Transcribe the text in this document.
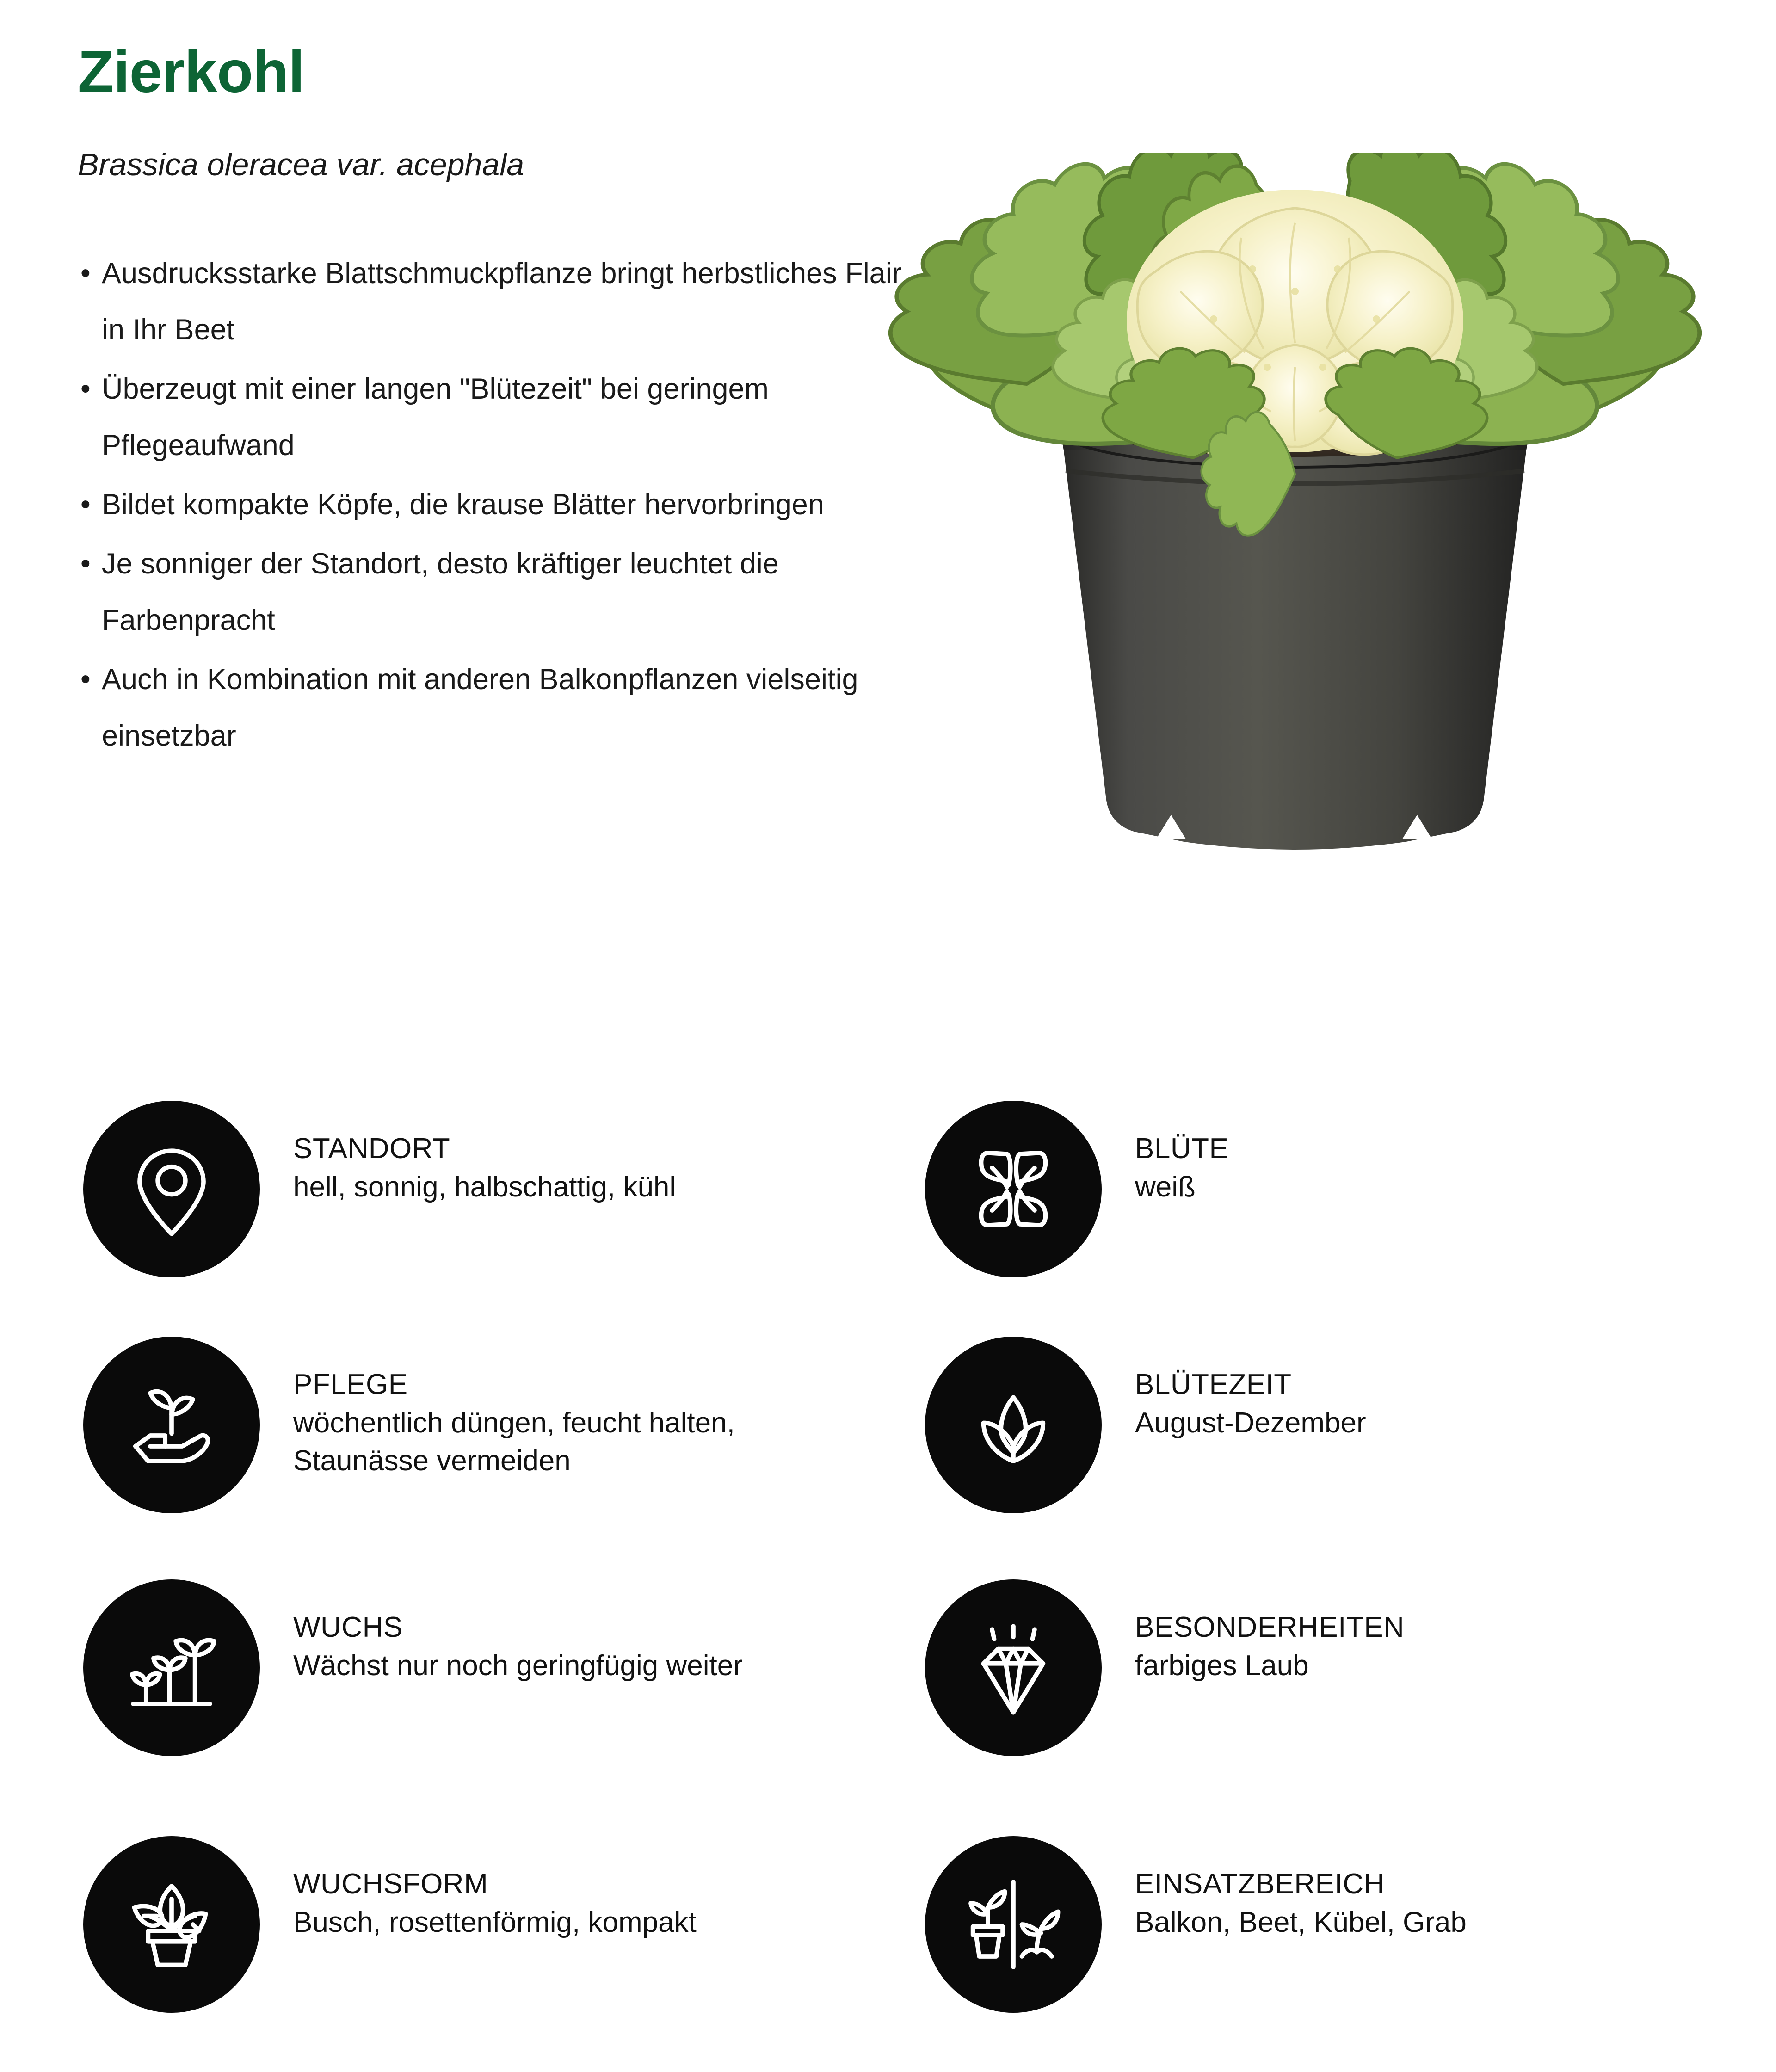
Zierkohl
Brassica oleracea var. acephala
• Ausdrucksstarke Blattschmuckpflanze bringt herbstliches Flair in Ihr Beet
• Überzeugt mit einer langen "Blütezeit" bei geringem Pflegeaufwand
• Bildet kompakte Köpfe, die krause Blätter hervorbringen
• Je sonniger der Standort, desto kräftiger leuchtet die Farbenpracht
• Auch in Kombination mit anderen Balkonpflanzen vielseitig einsetzbar
STANDORT
hell, sonnig, halbschattig, kühl
BLÜTE
weiß
PFLEGE
wöchentlich düngen, feucht halten, Staunässe vermeiden
BLÜTEZEIT
August-Dezember
WUCHS
Wächst nur noch geringfügig weiter
BESONDERHEITEN
farbiges Laub
WUCHSFORM
Busch, rosettenförmig, kompakt
EINSATZBEREICH
Balkon, Beet, Kübel, Grab
